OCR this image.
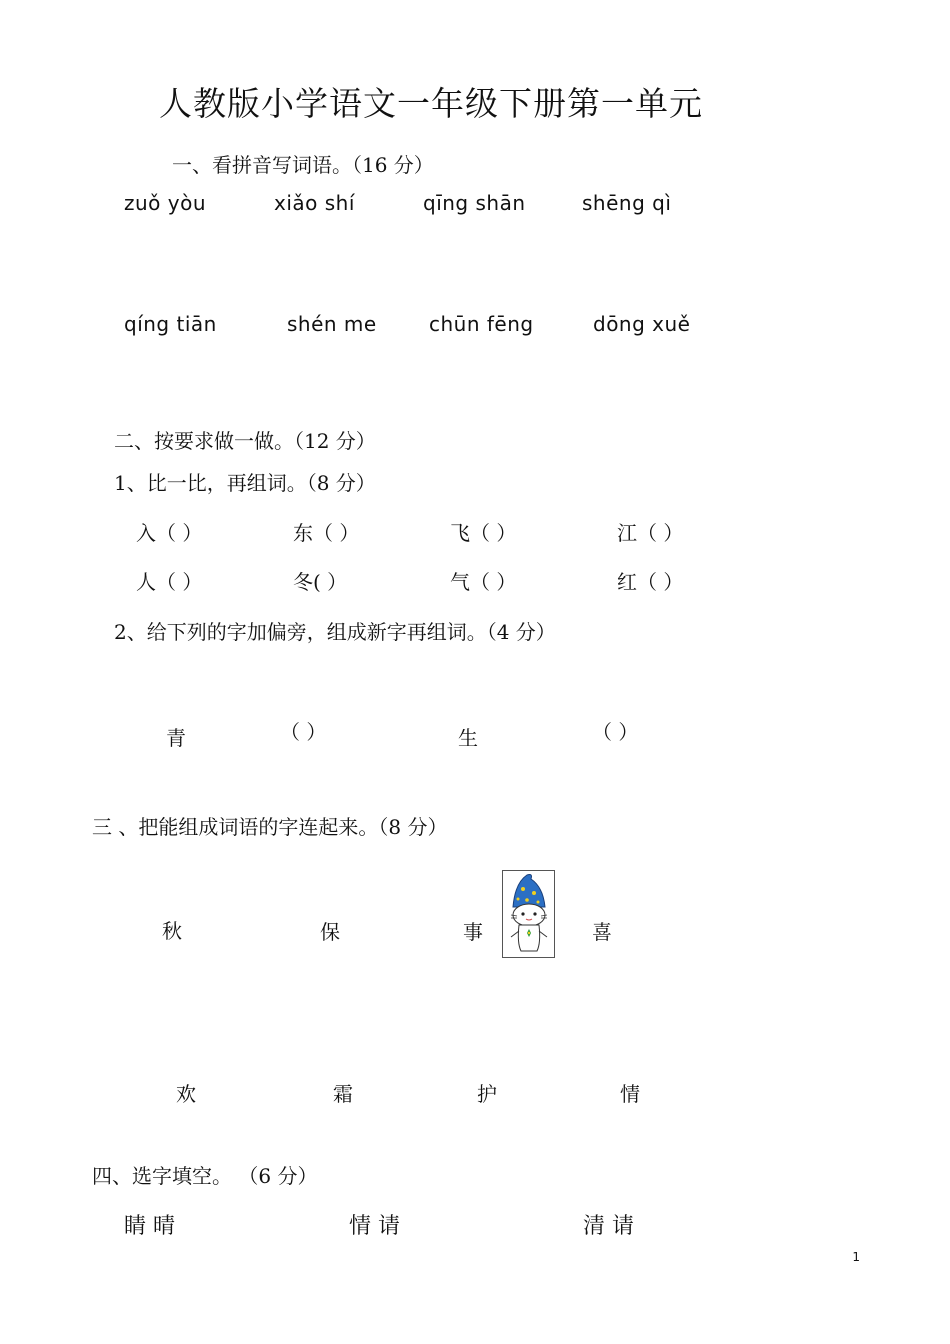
人教版小学语文一年级下册第一单元
一、看拼音写词语。（16 分）
zuǒ yòu	xiǎo shí	qīng shān	shēng qì
qíng tiān	shén me	chūn fēng	dōng xuě
二、按要求做一做。（12 分）
1、比一比，再组词。（8 分）
入（ ）	东（ ）	飞（ ）	江（ ）
人（ ）	冬( ）	气（ ）	红（ ）
2、给下列的字加偏旁，组成新字再组词。（4 分）
青	（ ）	生	（ ）
三 、把能组成词语的字连起来。（8 分）
秋	保	事	喜
欢	霜	护	情
四、选字填空。 （6 分）
睛 晴	情 请	清 请
1
